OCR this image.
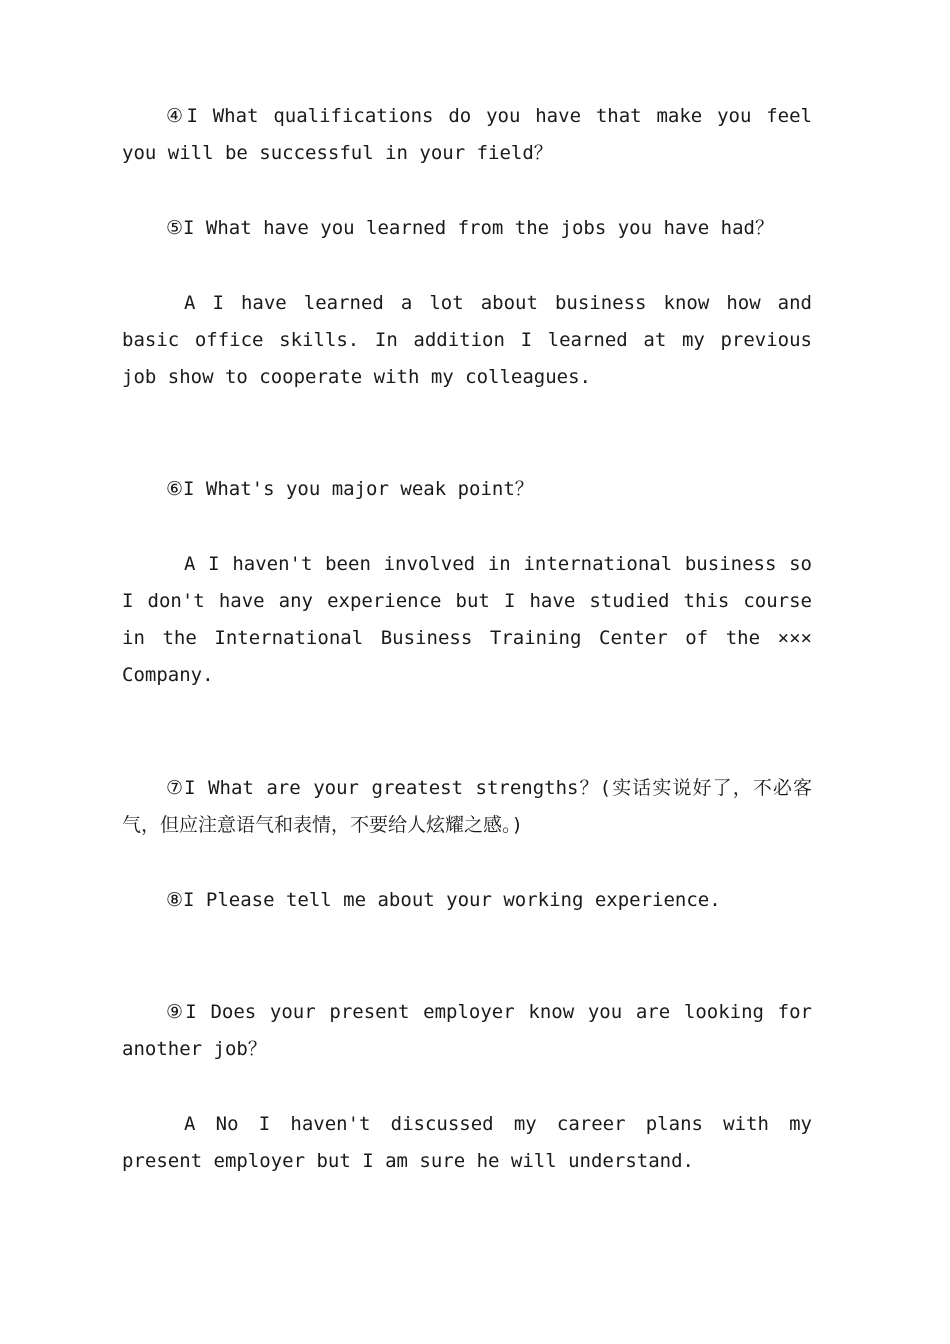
④I What qualifications do you have that make you feel you will be successful in your field？

⑤I What have you learned from the jobs you have had？

A I have learned a lot about business know how and basic office skills. In addition I learned at my previous job show to cooperate with my colleagues.

⑥I What's you major weak point？

A I haven't been involved in international business so I don't have any experience but I have studied this course in the International Business Training Center of the ××× Company.

⑦I What are your greatest strengths？(实话实说好了，不必客气，但应注意语气和表情，不要给人炫耀之感。)

⑧I Please tell me about your working experience.

⑨I Does your present employer know you are looking for another job？

A No I haven't discussed my career plans with my present employer but I am sure he will understand.
